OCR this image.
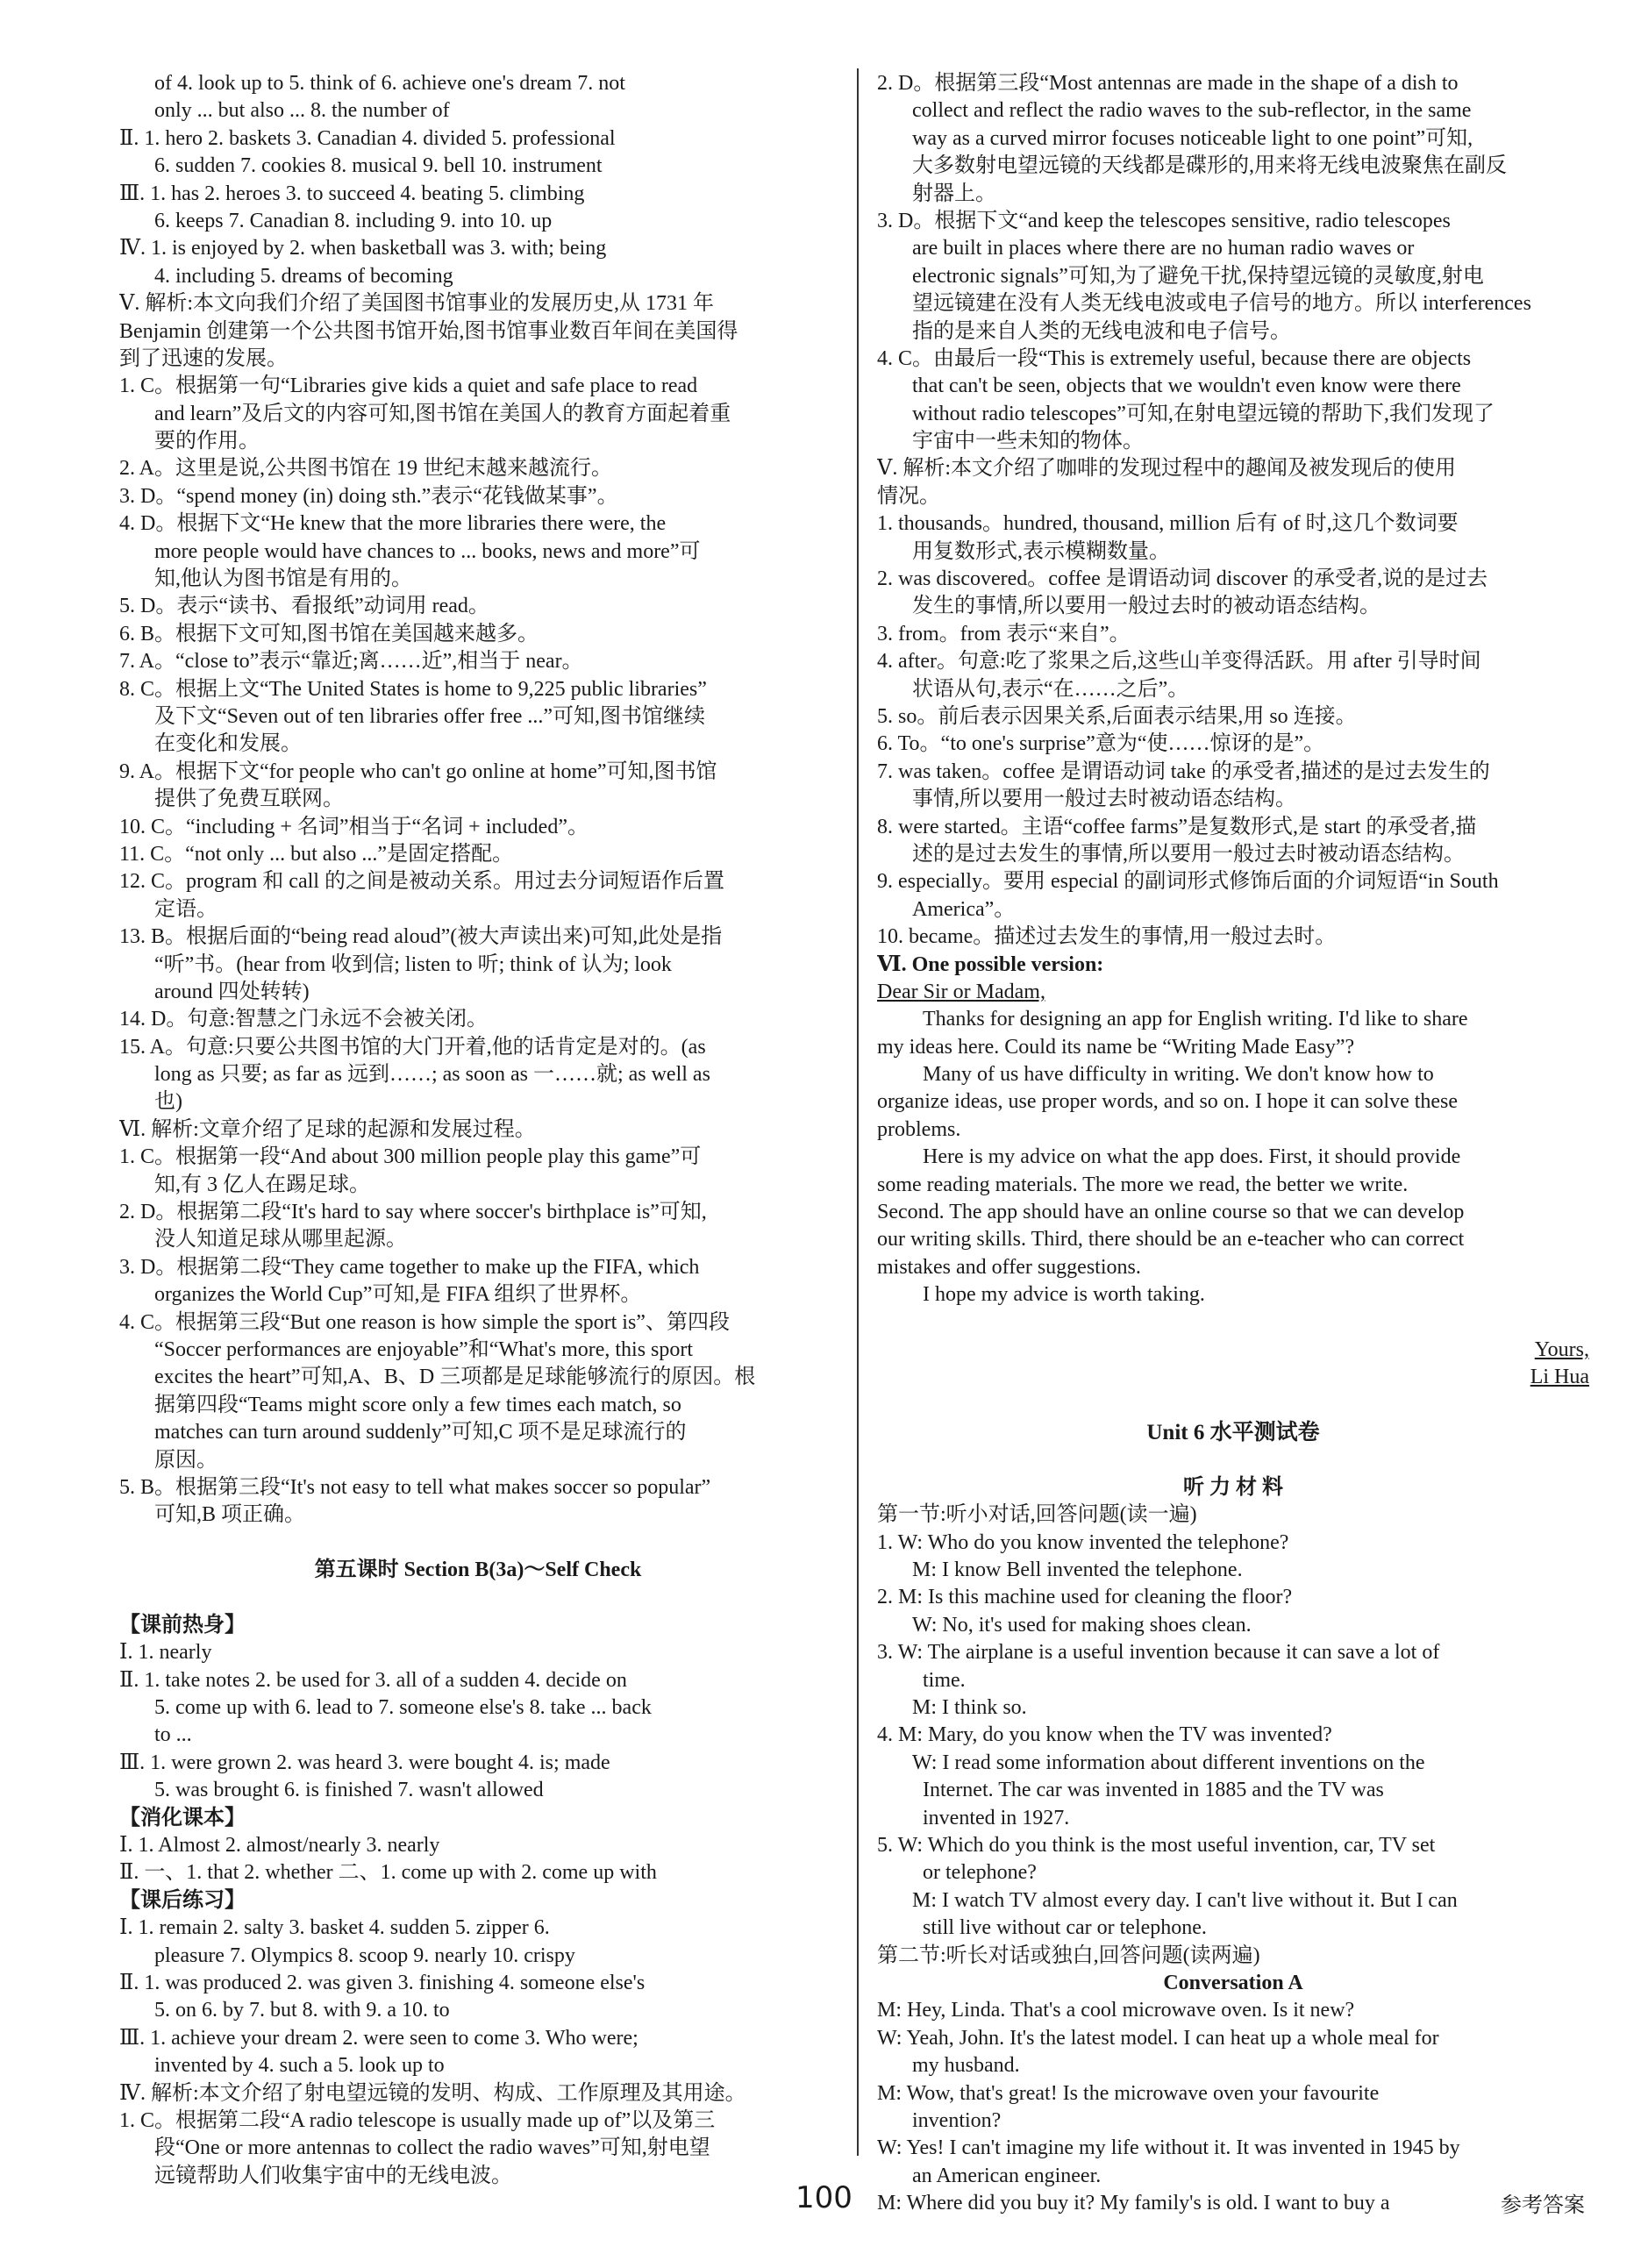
of 4. look up to 5. think of 6. achieve one's dream 7. not
only ... but also ... 8. the number of
Ⅱ. 1. hero 2. baskets 3. Canadian 4. divided 5. professional
6. sudden 7. cookies 8. musical 9. bell 10. instrument
Ⅲ. 1. has 2. heroes 3. to succeed 4. beating 5. climbing
6. keeps 7. Canadian 8. including 9. into 10. up
Ⅳ. 1. is enjoyed by 2. when basketball was 3. with; being
4. including 5. dreams of becoming
Ⅴ. 解析:本文向我们介绍了美国图书馆事业的发展历史,从 1731 年
Benjamin 创建第一个公共图书馆开始,图书馆事业数百年间在美国得
到了迅速的发展。
1. C。根据第一句“Libraries give kids a quiet and safe place to read
and learn”及后文的内容可知,图书馆在美国人的教育方面起着重
要的作用。
2. A。这里是说,公共图书馆在 19 世纪末越来越流行。
3. D。“spend money (in) doing sth.”表示“花钱做某事”。
4. D。根据下文“He knew that the more libraries there were, the
more people would have chances to ... books, news and more”可
知,他认为图书馆是有用的。
5. D。表示“读书、看报纸”动词用 read。
6. B。根据下文可知,图书馆在美国越来越多。
7. A。“close to”表示“靠近;离……近”,相当于 near。
8. C。根据上文“The United States is home to 9,225 public libraries”
及下文“Seven out of ten libraries offer free ...”可知,图书馆继续
在变化和发展。
9. A。根据下文“for people who can't go online at home”可知,图书馆
提供了免费互联网。
10. C。“including + 名词”相当于“名词 + included”。
11. C。“not only ... but also ...”是固定搭配。
12. C。program 和 call 的之间是被动关系。用过去分词短语作后置
定语。
13. B。根据后面的“being read aloud”(被大声读出来)可知,此处是指
“听”书。(hear from 收到信; listen to 听; think of 认为; look
around 四处转转)
14. D。句意:智慧之门永远不会被关闭。
15. A。句意:只要公共图书馆的大门开着,他的话肯定是对的。(as
long as 只要; as far as 远到……; as soon as 一……就; as well as
也)
Ⅵ. 解析:文章介绍了足球的起源和发展过程。
1. C。根据第一段“And about 300 million people play this game”可
知,有 3 亿人在踢足球。
2. D。根据第二段“It's hard to say where soccer's birthplace is”可知,
没人知道足球从哪里起源。
3. D。根据第二段“They came together to make up the FIFA, which
organizes the World Cup”可知,是 FIFA 组织了世界杯。
4. C。根据第三段“But one reason is how simple the sport is”、第四段
“Soccer performances are enjoyable”和“What's more, this sport
excites the heart”可知,A、B、D 三项都是足球能够流行的原因。根
据第四段“Teams might score only a few times each match, so
matches can turn around suddenly”可知,C 项不是足球流行的
原因。
5. B。根据第三段“It's not easy to tell what makes soccer so popular”
可知,B 项正确。
第五课时 Section B(3a)～Self Check
【课前热身】
Ⅰ. 1. nearly
Ⅱ. 1. take notes 2. be used for 3. all of a sudden 4. decide on
5. come up with 6. lead to 7. someone else's 8. take ... back
to ...
Ⅲ. 1. were grown 2. was heard 3. were bought 4. is; made
5. was brought 6. is finished 7. wasn't allowed
【消化课本】
Ⅰ. 1. Almost 2. almost/nearly 3. nearly
Ⅱ. 一、1. that 2. whether 二、1. come up with 2. come up with
【课后练习】
Ⅰ. 1. remain 2. salty 3. basket 4. sudden 5. zipper 6.
pleasure 7. Olympics 8. scoop 9. nearly 10. crispy
Ⅱ. 1. was produced 2. was given 3. finishing 4. someone else's
5. on 6. by 7. but 8. with 9. a 10. to
Ⅲ. 1. achieve your dream 2. were seen to come 3. Who were;
invented by 4. such a 5. look up to
Ⅳ. 解析:本文介绍了射电望远镜的发明、构成、工作原理及其用途。
1. C。根据第二段“A radio telescope is usually made up of”以及第三
段“One or more antennas to collect the radio waves”可知,射电望
远镜帮助人们收集宇宙中的无线电波。
2. D。根据第三段“Most antennas are made in the shape of a dish to
collect and reflect the radio waves to the sub-reflector, in the same
way as a curved mirror focuses noticeable light to one point”可知,
大多数射电望远镜的天线都是碟形的,用来将无线电波聚焦在副反
射器上。
3. D。根据下文“and keep the telescopes sensitive, radio telescopes
are built in places where there are no human radio waves or
electronic signals”可知,为了避免干扰,保持望远镜的灵敏度,射电
望远镜建在没有人类无线电波或电子信号的地方。所以 interferences
指的是来自人类的无线电波和电子信号。
4. C。由最后一段“This is extremely useful, because there are objects
that can't be seen, objects that we wouldn't even know were there
without radio telescopes”可知,在射电望远镜的帮助下,我们发现了
宇宙中一些未知的物体。
Ⅴ. 解析:本文介绍了咖啡的发现过程中的趣闻及被发现后的使用
情况。
1. thousands。hundred, thousand, million 后有 of 时,这几个数词要
用复数形式,表示模糊数量。
2. was discovered。coffee 是谓语动词 discover 的承受者,说的是过去
发生的事情,所以要用一般过去时的被动语态结构。
3. from。from 表示“来自”。
4. after。句意:吃了浆果之后,这些山羊变得活跃。用 after 引导时间
状语从句,表示“在……之后”。
5. so。前后表示因果关系,后面表示结果,用 so 连接。
6. To。“to one's surprise”意为“使……惊讶的是”。
7. was taken。coffee 是谓语动词 take 的承受者,描述的是过去发生的
事情,所以要用一般过去时被动语态结构。
8. were started。主语“coffee farms”是复数形式,是 start 的承受者,描
述的是过去发生的事情,所以要用一般过去时被动语态结构。
9. especially。要用 especial 的副词形式修饰后面的介词短语“in South
America”。
10. became。描述过去发生的事情,用一般过去时。
Ⅵ. One possible version:
Dear Sir or Madam,
Thanks for designing an app for English writing. I'd like to share
my ideas here. Could its name be “Writing Made Easy”?
Many of us have difficulty in writing. We don't know how to
organize ideas, use proper words, and so on. I hope it can solve these
problems.
Here is my advice on what the app does. First, it should provide
some reading materials. The more we read, the better we write.
Second. The app should have an online course so that we can develop
our writing skills. Third, there should be an e-teacher who can correct
mistakes and offer suggestions.
I hope my advice is worth taking.
Yours,
Li Hua
Unit 6 水平测试卷
听 力 材 料
第一节:听小对话,回答问题(读一遍)
1. W: Who do you know invented the telephone?
M: I know Bell invented the telephone.
2. M: Is this machine used for cleaning the floor?
W: No, it's used for making shoes clean.
3. W: The airplane is a useful invention because it can save a lot of
time.
M: I think so.
4. M: Mary, do you know when the TV was invented?
W: I read some information about different inventions on the
Internet. The car was invented in 1885 and the TV was
invented in 1927.
5. W: Which do you think is the most useful invention, car, TV set
or telephone?
M: I watch TV almost every day. I can't live without it. But I can
still live without car or telephone.
第二节:听长对话或独白,回答问题(读两遍)
Conversation A
M: Hey, Linda. That's a cool microwave oven. Is it new?
W: Yeah, John. It's the latest model. I can heat up a whole meal for
my husband.
M: Wow, that's great! Is the microwave oven your favourite
invention?
W: Yes! I can't imagine my life without it. It was invented in 1945 by
an American engineer.
M: Where did you buy it? My family's is old. I want to buy a
100	参考答案
